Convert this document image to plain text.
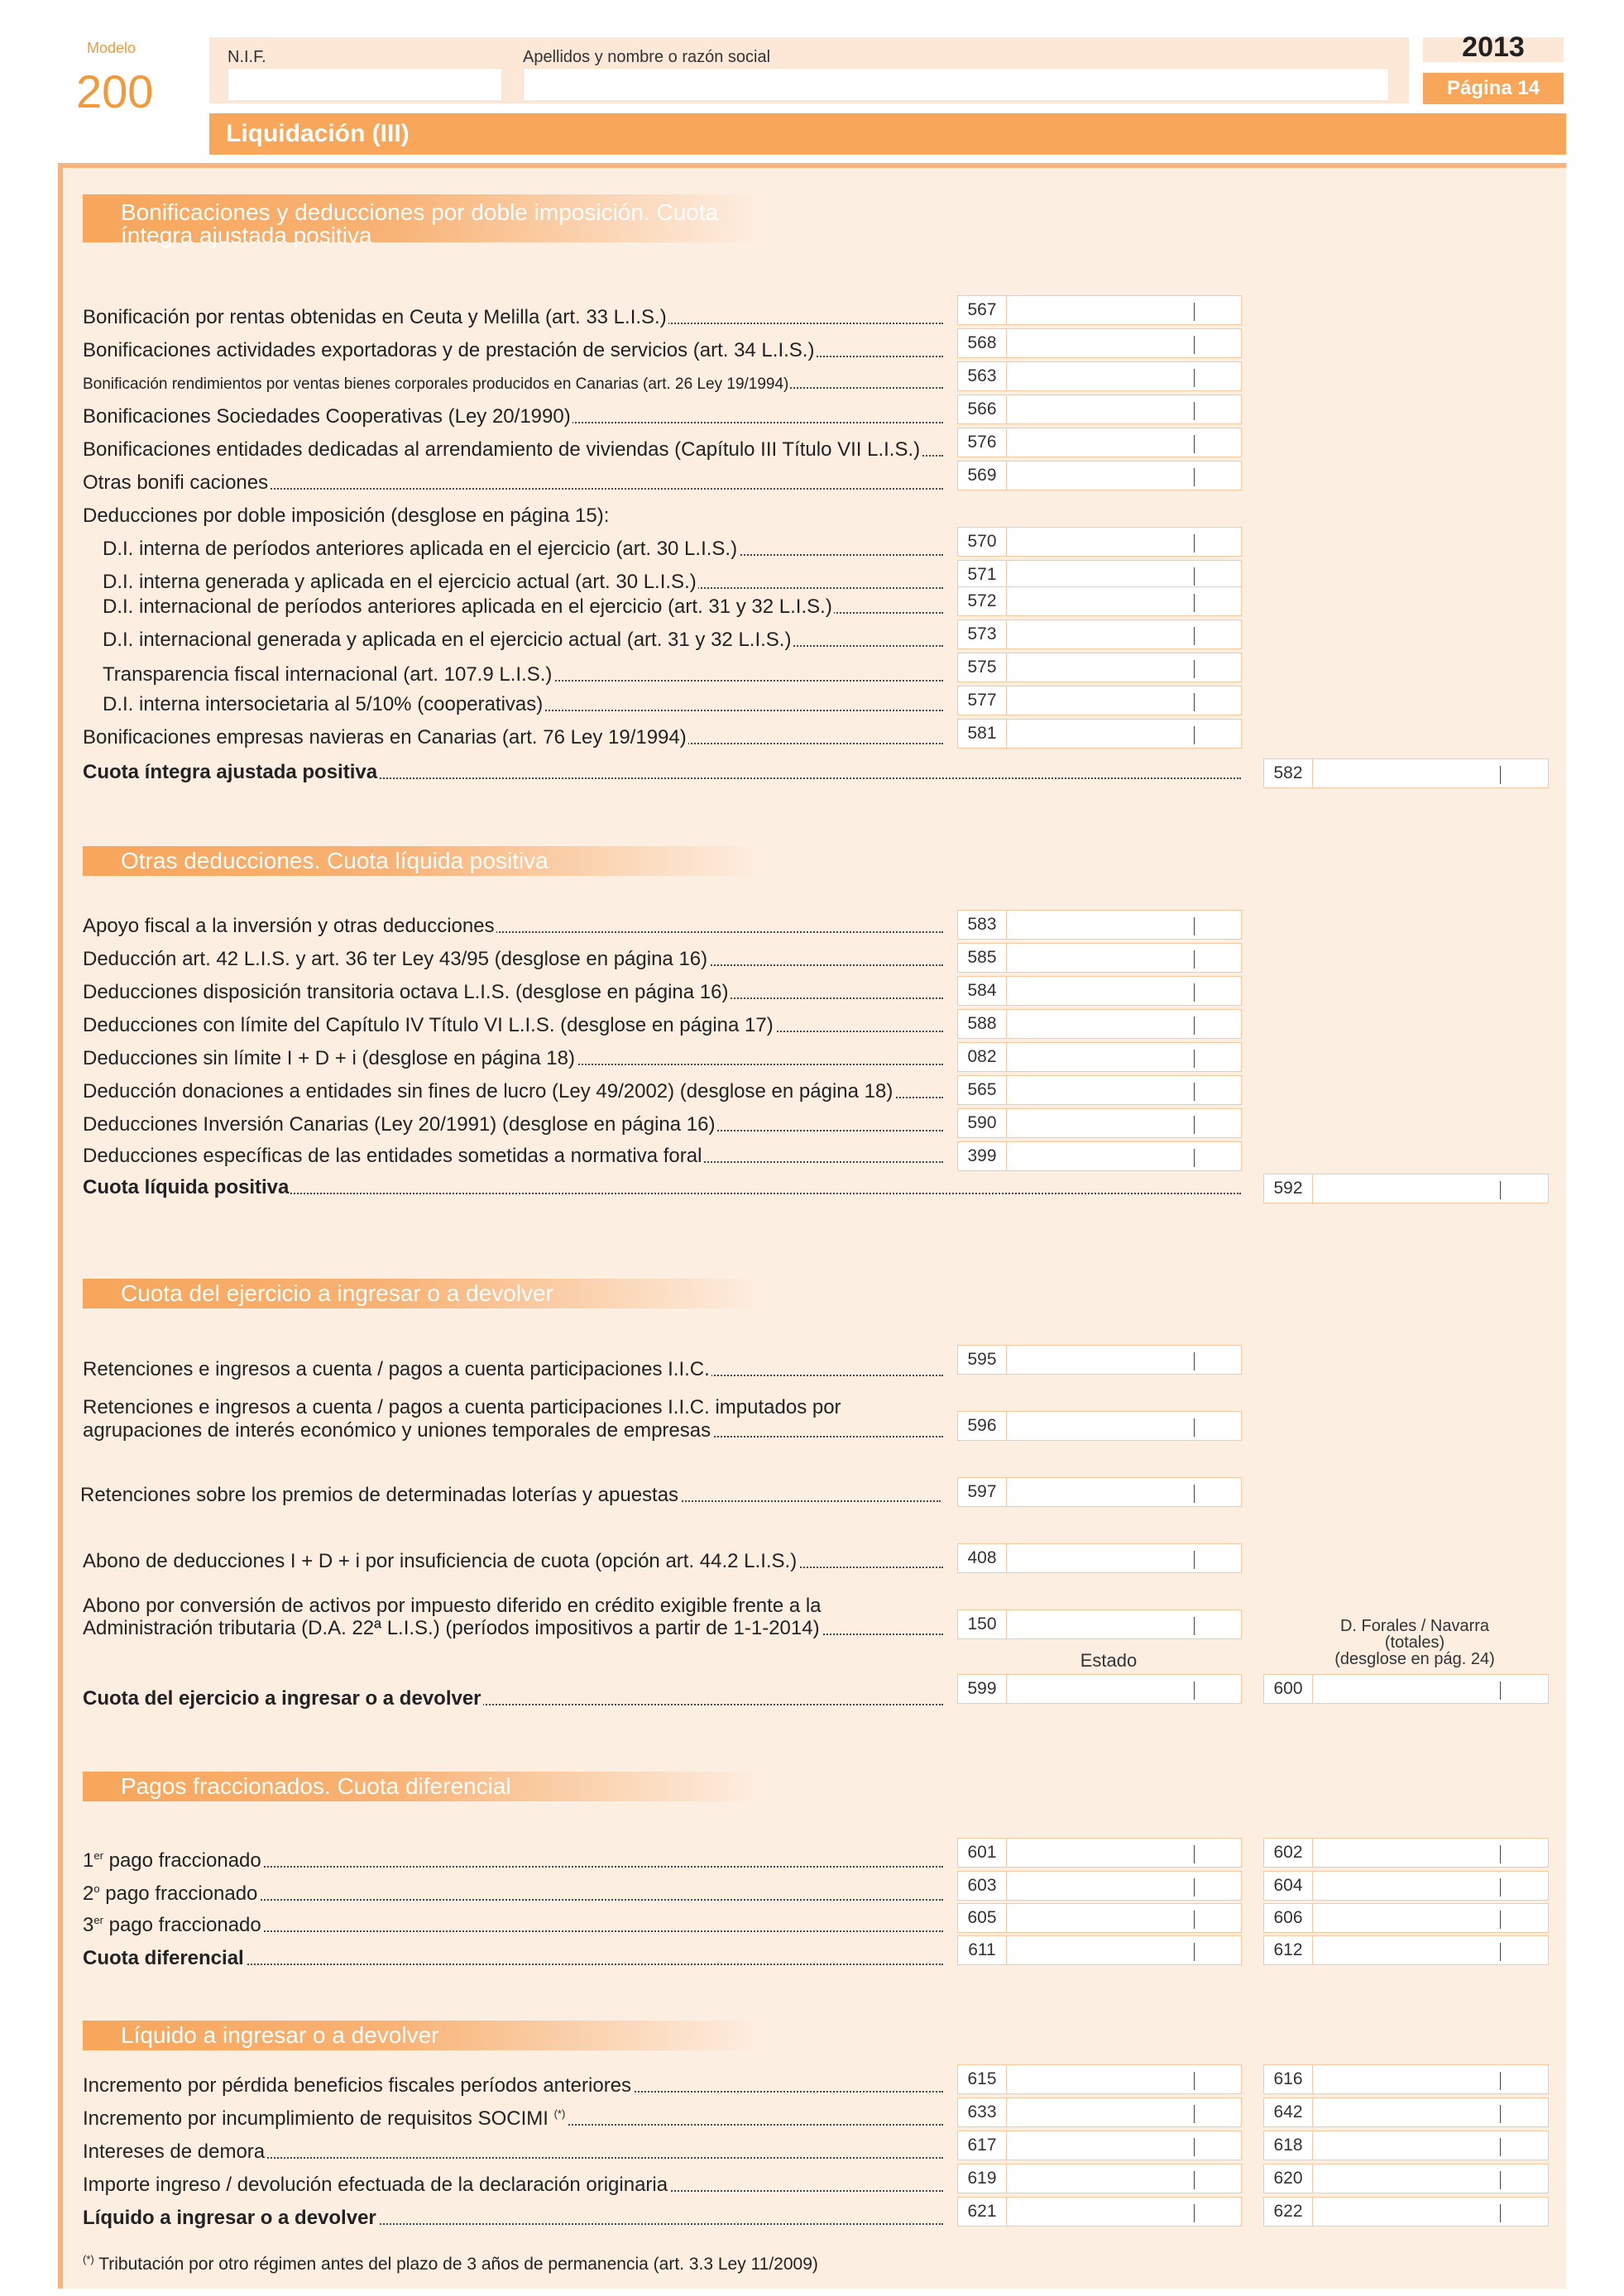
Modelo
200
N.I.F.	Apellidos y nombre o razón social	2013
Página 14
Liquidación (III)
Bonificaciones y deducciones por doble imposición. Cuota íntegra ajustada positiva
Bonificación por rentas obtenidas en Ceuta y Melilla (art. 33 L.I.S.)	567
Bonificaciones actividades exportadoras y de prestación de servicios (art. 34 L.I.S.)	568
Bonificación rendimientos por ventas bienes corporales producidos en Canarias (art. 26 Ley 19/1994)	563
Bonificaciones Sociedades Cooperativas (Ley 20/1990)	566
Bonificaciones entidades dedicadas al arrendamiento de viviendas (Capítulo III Título VII L.I.S.)	576
Otras bonifi caciones	569
Deducciones por doble imposición (desglose en página 15):
D.I. interna de períodos anteriores aplicada en el ejercicio (art. 30 L.I.S.)	570
D.I. interna generada y aplicada en el ejercicio actual (art. 30 L.I.S.)	571
D.I. internacional de períodos anteriores aplicada en el ejercicio (art. 31 y 32 L.I.S.)	572
D.I. internacional generada y aplicada en el ejercicio actual (art. 31 y 32 L.I.S.)	573
Transparencia fiscal internacional (art. 107.9 L.I.S.)	575
D.I. interna intersocietaria al 5/10% (cooperativas)	577
Bonificaciones empresas navieras en Canarias (art. 76 Ley 19/1994)	581
Cuota íntegra ajustada positiva	582
Otras deducciones. Cuota líquida positiva
Apoyo fiscal a la inversión y otras deducciones	583
Deducción art. 42 L.I.S. y art. 36 ter Ley 43/95 (desglose en página 16)	585
Deducciones disposición transitoria octava L.I.S. (desglose en página 16)	584
Deducciones con límite del Capítulo IV Título VI L.I.S. (desglose en página 17)	588
Deducciones sin límite I + D + i (desglose en página 18)	082
Deducción donaciones a entidades sin fines de lucro (Ley 49/2002) (desglose en página 18)	565
Deducciones Inversión Canarias (Ley 20/1991) (desglose en página 16)	590
Deducciones específicas de las entidades sometidas a normativa foral	399
Cuota líquida positiva	592
Cuota del ejercicio a ingresar o a devolver
Retenciones e ingresos a cuenta / pagos a cuenta participaciones I.I.C.	595
Retenciones e ingresos a cuenta / pagos a cuenta participaciones I.I.C. imputados por
agrupaciones de interés económico y uniones temporales de empresas	596
Retenciones sobre los premios de determinadas loterías y apuestas	597
Abono de deducciones I + D + i por insuficiencia de cuota (opción art. 44.2 L.I.S.)	408
Abono por conversión de activos por impuesto diferido en crédito exigible frente a la
Administración tributaria (D.A. 22ª L.I.S.) (períodos impositivos a partir de 1-1-2014)	150
Estado
D. Forales / Navarra
(totales)
(desglose en pág. 24)
Cuota del ejercicio a ingresar o a devolver	599	600
Pagos fraccionados. Cuota diferencial
1er pago fraccionado	601	602
2$^o$ pago fraccionado	603	604
3er pago fraccionado	605	606
Cuota diferencial	611	612
Líquido a ingresar o a devolver
Incremento por pérdida beneficios fiscales períodos anteriores	615	616
Incremento por incumplimiento de requisitos SOCIMI (*)	633	642
Intereses de demora	617	618
Importe ingreso / devolución efectuada de la declaración originaria	619	620
Líquido a ingresar o a devolver	621	622
(*) Tributación por otro régimen antes del plazo de 3 años de permanencia (art. 3.3 Ley 11/2009)
